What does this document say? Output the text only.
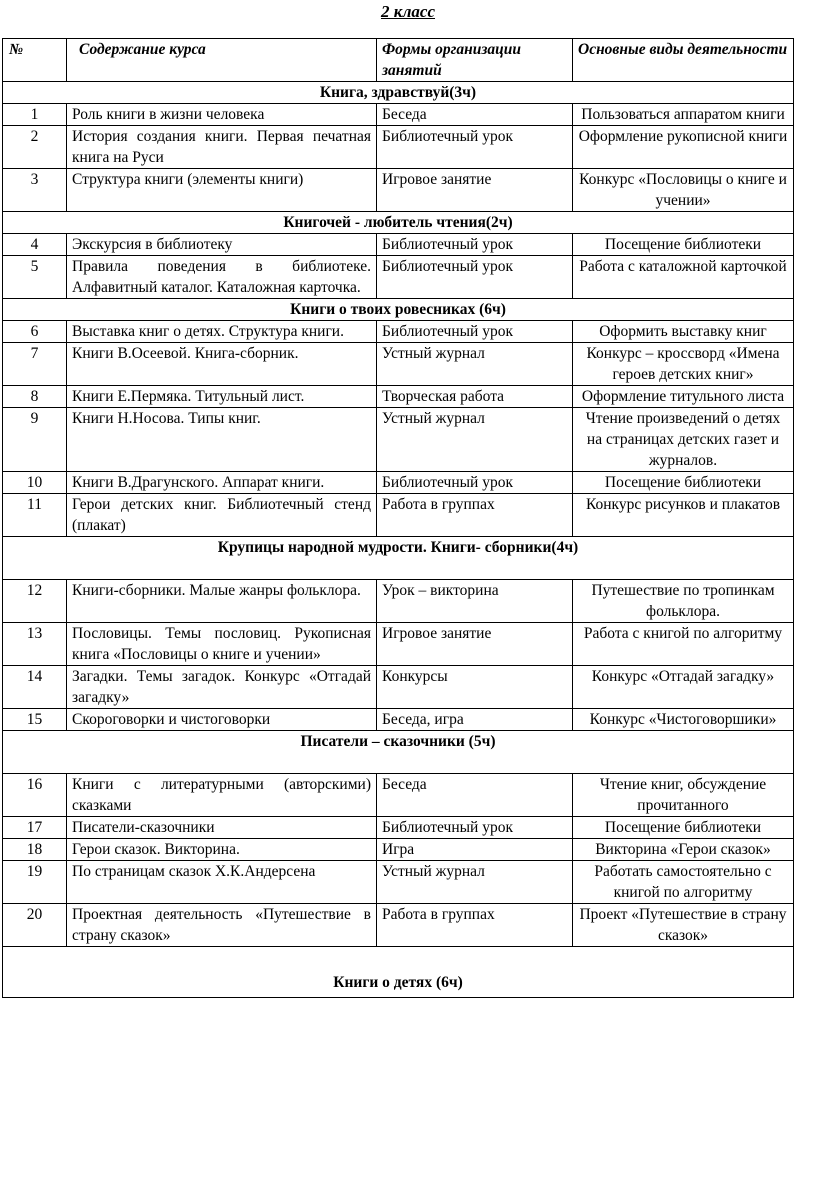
2 класс
№	Содержание курса	Формы организации занятий	Основные виды деятельности
Книга, здравствуй(3ч)			
1	Роль книги в жизни человека	Беседа	Пользоваться аппаратом книги
2	История создания книги. Первая печатная книга на Руси	Библиотечный урок	Оформление рукописной книги
3	Структура книги (элементы книги)	Игровое занятие	Конкурс «Пословицы о книге и учении»
Книгочей - любитель чтения(2ч)			
4	Экскурсия в библиотеку	Библиотечный урок	Посещение библиотеки
5	Правила поведения в библиотеке. Алфавитный каталог. Каталожная карточка.	Библиотечный урок	Работа с каталожной карточкой
Книги о твоих ровесниках (6ч)			
6	Выставка книг о детях. Структура книги.	Библиотечный урок	Оформить выставку книг
7	Книги В.Осеевой. Книга-сборник.	Устный журнал	Конкурс – кроссворд «Имена героев детских книг»
8	Книги Е.Пермяка. Титульный лист.	Творческая работа	Оформление титульного листа
9	Книги Н.Носова. Типы книг.	Устный журнал	Чтение произведений о детях на страницах детских газет и журналов.
10	Книги В.Драгунского. Аппарат книги.	Библиотечный урок	Посещение библиотеки
11	Герои детских книг. Библиотечный стенд (плакат)	Работа в группах	Конкурс рисунков и плакатов
Крупицы народной мудрости. Книги- сборники(4ч)			
12	Книги-сборники. Малые жанры фольклора.	Урок – викторина	Путешествие по тропинкам фольклора.
13	Пословицы. Темы пословиц. Рукописная книга «Пословицы о книге и учении»	Игровое занятие	Работа с книгой по алгоритму
14	Загадки. Темы загадок. Конкурс «Отгадай загадку»	Конкурсы	Конкурс «Отгадай загадку»
15	Скороговорки и чистоговорки	Беседа, игра	Конкурс «Чистоговоршики»
Писатели – сказочники (5ч)			
16	Книги с литературными (авторскими) сказками	Беседа	Чтение книг, обсуждение прочитанного
17	Писатели-сказочники	Библиотечный урок	Посещение библиотеки
18	Герои сказок. Викторина.	Игра	Викторина «Герои сказок»
19	По страницам сказок Х.К.Андерсена	Устный журнал	Работать самостоятельно с книгой по алгоритму
20	Проектная деятельность «Путешествие в страну сказок»	Работа в группах	Проект «Путешествие в страну сказок»
Книги о детях (6ч)			
